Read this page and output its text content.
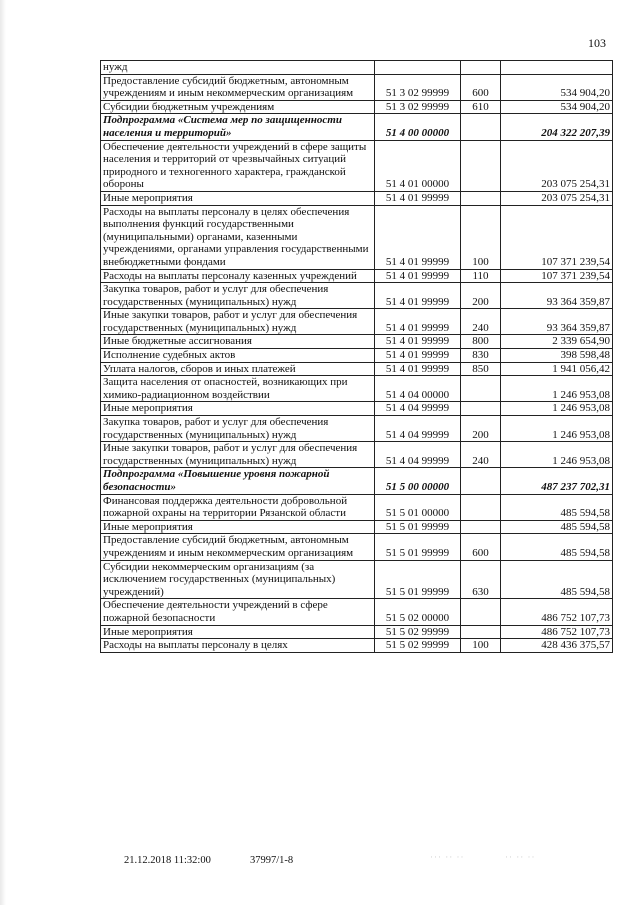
103
нужд			
Предоставление субсидий бюджетным, автономным учреждениям и иным некоммерческим организациям	51 3 02 99999	600	534 904,20
Субсидии бюджетным учреждениям	51 3 02 99999	610	534 904,20
Подпрограмма «Система мер по защищенности населения и территорий»	51 4 00 00000		204 322 207,39
Обеспечение деятельности учреждений в сфере защиты населения и территорий от чрезвычайных ситуаций природного и техногенного характера, гражданской обороны	51 4 01 00000		203 075 254,31
Иные мероприятия	51 4 01 99999		203 075 254,31
Расходы на выплаты персоналу в целях обеспечения выполнения функций государственными (муниципальными) органами, казенными учреждениями, органами управления государственными внебюджетными фондами	51 4 01 99999	100	107 371 239,54
Расходы на выплаты персоналу казенных учреждений	51 4 01 99999	110	107 371 239,54
Закупка товаров, работ и услуг для обеспечения государственных (муниципальных) нужд	51 4 01 99999	200	93 364 359,87
Иные закупки товаров, работ и услуг для обеспечения государственных (муниципальных) нужд	51 4 01 99999	240	93 364 359,87
Иные бюджетные ассигнования	51 4 01 99999	800	2 339 654,90
Исполнение судебных актов	51 4 01 99999	830	398 598,48
Уплата налогов, сборов и иных платежей	51 4 01 99999	850	1 941 056,42
Защита населения от опасностей, возникающих при химико-радиационном воздействии	51 4 04 00000		1 246 953,08
Иные мероприятия	51 4 04 99999		1 246 953,08
Закупка товаров, работ и услуг для обеспечения государственных (муниципальных) нужд	51 4 04 99999	200	1 246 953,08
Иные закупки товаров, работ и услуг для обеспечения государственных (муниципальных) нужд	51 4 04 99999	240	1 246 953,08
Подпрограмма «Повышение уровня пожарной безопасности»	51 5 00 00000		487 237 702,31
Финансовая поддержка деятельности добровольной пожарной охраны на территории Рязанской области	51 5 01 00000		485 594,58
Иные мероприятия	51 5 01 99999		485 594,58
Предоставление субсидий бюджетным, автономным учреждениям и иным некоммерческим организациям	51 5 01 99999	600	485 594,58
Субсидии некоммерческим организациям (за исключением государственных (муниципальных) учреждений)	51 5 01 99999	630	485 594,58
Обеспечение деятельности учреждений в сфере пожарной безопасности	51 5 02 00000		486 752 107,73
Иные мероприятия	51 5 02 99999		486 752 107,73
Расходы на выплаты персоналу в целях	51 5 02 99999	100	428 436 375,57
21.12.2018 11:32:00	37997/1-8	··· ·· ··	·· ·· ··
